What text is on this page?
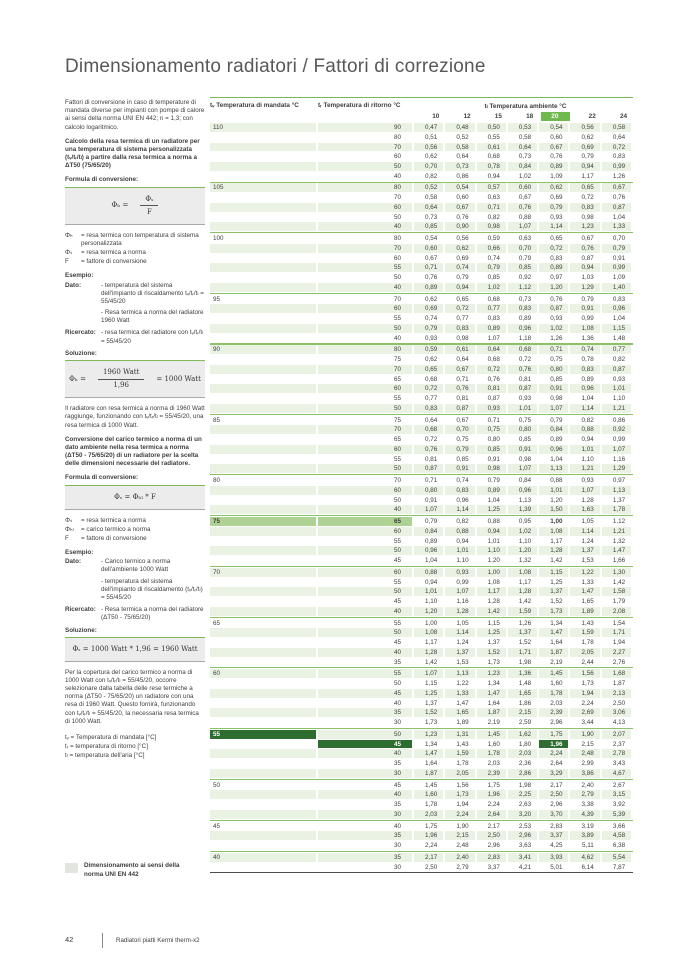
Dimensionamento radiatori / Fattori di correzione

Fattori di conversione in caso di temperature di mandata diverse per impianti con pompe di calore ai sensi della norma UNI EN 442; n = 1,3; con calcolo logaritmico.

Calcolo della resa termica di un radiatore per una temperatura di sistema personalizzata (tᵥ/tᵣ/tₗ) a partire dalla resa termica a norma a ΔT50 (75/65/20)

Formula di conversione:
$\Phi_h = \frac{\text{Φₛ}}{F}$
Φₕ	= resa termica con temperatura di sistema personalizzata
Φₛ	= resa termica a norma
F	= fattore di conversione
Esempio:
Dato:	- temperatura del sistema dell'impianto di riscaldamento tᵥ/tᵣ/tₗ = 55/45/20
- Resa termica a norma del radiatore 1960 Watt
Ricercato: - resa termica del radiatore con tᵥ/tᵣ/tₗ = 55/45/20
Soluzione:
$\Phi_h = \frac{\text{1960 Watt}}{1,96} = 1000$ Watt

Il radiatore con resa termica a norma di 1960 Watt raggiunge, funzionando con tᵥ/tᵣ/tₗ = 55/45/20, una resa termica di 1000 Watt.

Conversione del carico termico a norma di un dato ambiente nella resa termica a norma (ΔT50 - 75/65/20) di un radiatore per la scelta delle dimensioni necessarie del radiatore.

Formula di conversione:
Φₛ = Φₕₗ * F
Φₛ	= resa termica a norma
Φₕₗ	= carico termico a norma
F	= fattore di conversione
Esempio:
Dato:	- Carico termico a norma dell'ambiente 1000 Watt
- temperatura del sistema dell'impianto di riscaldamento (tᵥ/tᵣ/tₗ) = 55/45/20
Ricercato: - Resa termica a norma del radiatore (ΔT50 - 75/65/20)
Soluzione:
Φₛ = 1000 Watt * 1,96 = 1960 Watt

Per la copertura del carico termico a norma di 1000 Watt con tᵥ/tᵣ/tₗ = 55/45/20, occorre selezionare dalla tabella delle rese termiche a norma (ΔT50 - 75/65/20) un radiatore con una resa di 1960 Watt. Questo fornirà, funzionando con tᵥ/tᵣ/tₗ = 55/45/20, la necessaria resa termica di 1000 Watt.

tᵥ = Temperatura di mandata [°C]
tᵣ = temperatura di ritorno [°C]
tₗ = temperatura dell'aria [°C]
Dimensionamento ai sensi della norma UNI EN 442
tᵥ Temperatura di mandata °C	tᵣ Temperatura di ritorno °C	tₗ Temperatura ambiente °C
10	12	15	18	20	22	24
110	90	0,47	0,48	0,50	0,53	0,54	0,56	0,58
80	0,51	0,52	0,55	0,58	0,60	0,62	0,64
70	0,56	0,58	0,61	0,64	0,67	0,69	0,72
60	0,62	0,64	0,68	0,73	0,76	0,79	0,83
50	0,70	0,73	0,78	0,84	0,89	0,94	0,99
40	0,82	0,86	0,94	1,02	1,09	1,17	1,26
105	80	0,52	0,54	0,57	0,60	0,62	0,65	0,67
70	0,58	0,60	0,63	0,67	0,69	0,72	0,76
60	0,64	0,67	0,71	0,76	0,79	0,83	0,87
50	0,73	0,76	0,82	0,88	0,93	0,98	1,04
40	0,85	0,90	0,98	1,07	1,14	1,23	1,33
100	80	0,54	0,56	0,59	0,63	0,65	0,67	0,70
70	0,60	0,62	0,66	0,70	0,72	0,76	0,79
60	0,67	0,69	0,74	0,79	0,83	0,87	0,91
55	0,71	0,74	0,79	0,85	0,89	0,94	0,99
50	0,76	0,79	0,85	0,92	0,97	1,03	1,09
40	0,89	0,94	1,02	1,12	1,20	1,29	1,40
95	70	0,62	0,65	0,68	0,73	0,76	0,79	0,83
60	0,69	0,72	0,77	0,83	0,87	0,91	0,96
55	0,74	0,77	0,83	0,89	0,93	0,99	1,04
50	0,79	0,83	0,89	0,96	1,02	1,08	1,15
40	0,93	0,98	1,07	1,18	1,26	1,36	1,48
90	80	0,59	0,61	0,64	0,68	0,71	0,74	0,77
75	0,62	0,64	0,68	0,72	0,75	0,78	0,82
70	0,65	0,67	0,72	0,76	0,80	0,83	0,87
65	0,68	0,71	0,76	0,81	0,85	0,89	0,93
60	0,72	0,76	0,81	0,87	0,91	0,96	1,01
55	0,77	0,81	0,87	0,93	0,98	1,04	1,10
50	0,83	0,87	0,93	1,01	1,07	1,14	1,21
85	75	0,64	0,67	0,71	0,75	0,79	0,82	0,86
70	0,68	0,70	0,75	0,80	0,84	0,88	0,92
65	0,72	0,75	0,80	0,85	0,89	0,94	0,99
60	0,76	0,79	0,85	0,91	0,96	1,01	1,07
55	0,81	0,85	0,91	0,98	1,04	1,10	1,16
50	0,87	0,91	0,98	1,07	1,13	1,21	1,29
80	70	0,71	0,74	0,79	0,84	0,88	0,93	0,97
60	0,80	0,83	0,89	0,96	1,01	1,07	1,13
50	0,91	0,96	1,04	1,13	1,20	1,28	1,37
40	1,07	1,14	1,25	1,39	1,50	1,63	1,78
75	65	0,79	0,82	0,88	0,95	1,00	1,05	1,12
60	0,84	0,88	0,94	1,02	1,08	1,14	1,21
55	0,89	0,94	1,01	1,10	1,17	1,24	1,32
50	0,96	1,01	1,10	1,20	1,28	1,37	1,47
45	1,04	1,10	1,20	1,32	1,42	1,53	1,66
70	60	0,88	0,93	1,00	1,08	1,15	1,22	1,30
55	0,94	0,99	1,08	1,17	1,25	1,33	1,42
50	1,01	1,07	1,17	1,28	1,37	1,47	1,58
45	1,10	1,16	1,28	1,42	1,52	1,65	1,79
40	1,20	1,28	1,42	1,59	1,73	1,89	2,08
65	55	1,00	1,05	1,15	1,26	1,34	1,43	1,54
50	1,08	1,14	1,25	1,37	1,47	1,59	1,71
45	1,17	1,24	1,37	1,52	1,64	1,78	1,94
40	1,28	1,37	1,52	1,71	1,87	2,05	2,27
35	1,42	1,53	1,73	1,98	2,19	2,44	2,76
60	55	1,07	1,13	1,23	1,36	1,45	1,56	1,68
50	1,15	1,22	1,34	1,48	1,60	1,73	1,87
45	1,25	1,33	1,47	1,65	1,78	1,94	2,13
40	1,37	1,47	1,64	1,86	2,03	2,24	2,50
35	1,52	1,65	1,87	2,15	2,39	2,69	3,06
30	1,73	1,89	2,19	2,59	2,96	3,44	4,13
55	50	1,23	1,31	1,45	1,62	1,75	1,90	2,07
45	1,34	1,43	1,60	1,80	1,96	2,15	2,37
40	1,47	1,59	1,78	2,03	2,24	2,48	2,78
35	1,64	1,78	2,03	2,36	2,64	2,99	3,43
30	1,87	2,05	2,39	2,86	3,29	3,86	4,67
50	45	1,45	1,56	1,75	1,98	2,17	2,40	2,67
40	1,60	1,73	1,96	2,25	2,50	2,79	3,15
35	1,78	1,94	2,24	2,63	2,96	3,38	3,92
30	2,03	2,24	2,64	3,20	3,70	4,39	5,39
45	40	1,75	1,90	2,17	2,53	2,83	3,19	3,66
35	1,96	2,15	2,50	2,96	3,37	3,89	4,58
30	2,24	2,48	2,96	3,63	4,25	5,11	6,38
40	35	2,17	2,40	2,83	3,41	3,93	4,62	5,54
30	2,50	2,79	3,37	4,21	5,01	6,14	7,87
42	Radiatori piatti Kermi therm-x2
